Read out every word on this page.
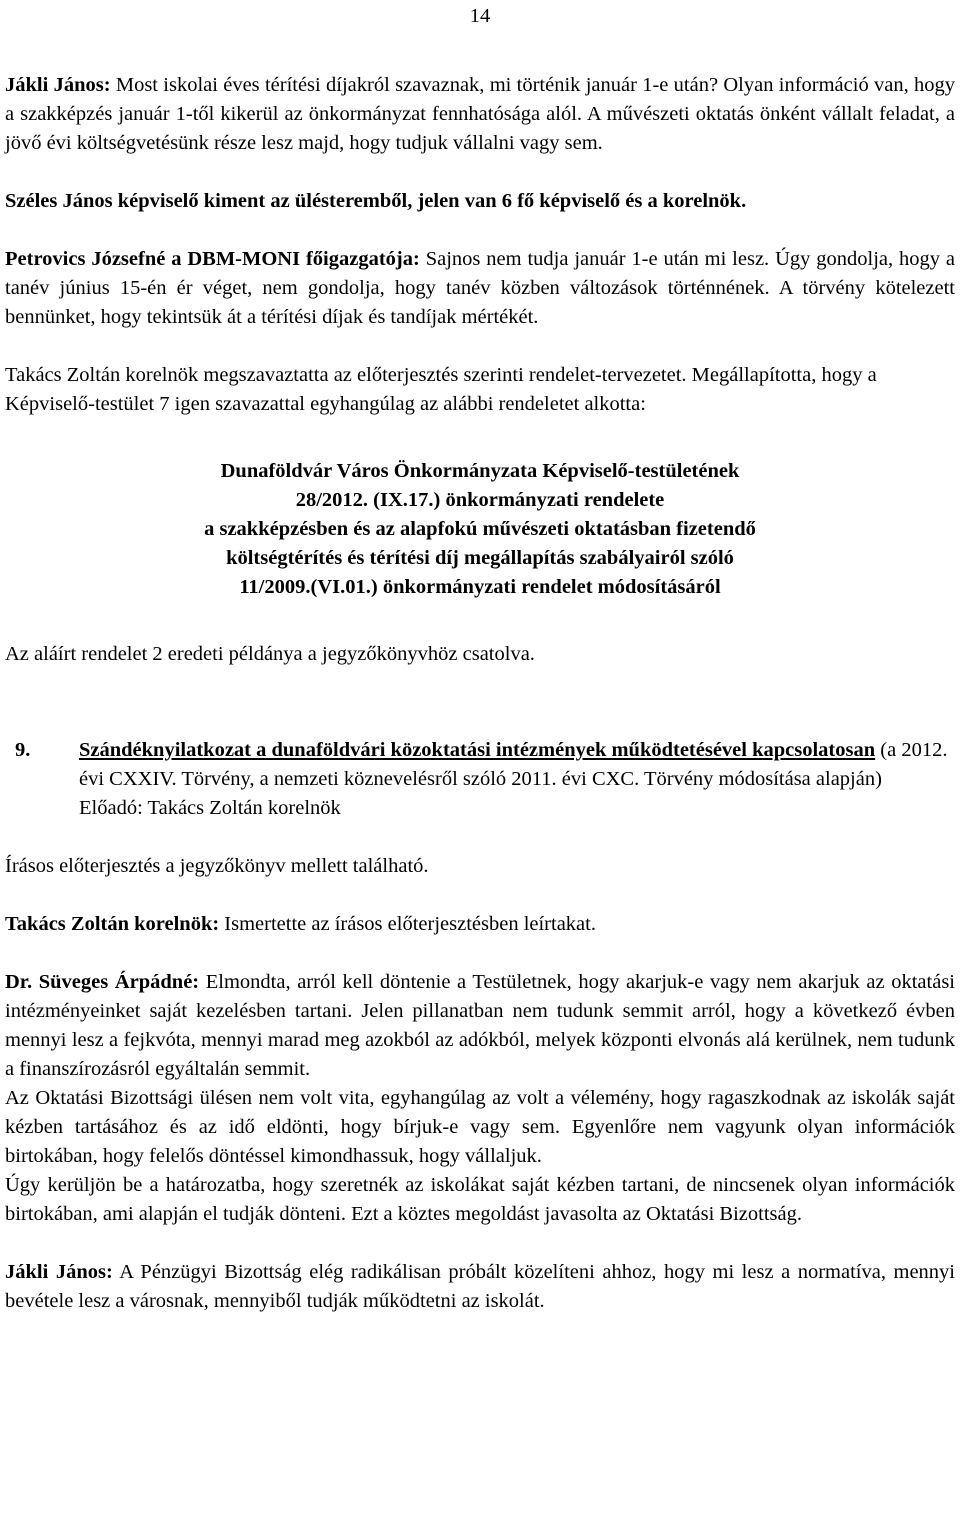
14

Jákli János: Most iskolai éves térítési díjakról szavaznak, mi történik január 1-e után? Olyan információ van, hogy a szakképzés január 1-től kikerül az önkormányzat fennhatósága alól. A művészeti oktatás önként vállalt feladat, a jövő évi költségvetésünk része lesz majd, hogy tudjuk vállalni vagy sem.

Széles János képviselő kiment az ülésteremből, jelen van 6 fő képviselő és a korelnök.

Petrovics Józsefné a DBM-MONI főigazgatója: Sajnos nem tudja január 1-e után mi lesz. Úgy gondolja, hogy a tanév június 15-én ér véget, nem gondolja, hogy tanév közben változások történnének. A törvény kötelezett bennünket, hogy tekintsük át a térítési díjak és tandíjak mértékét.

Takács Zoltán korelnök megszavaztatta az előterjesztés szerinti rendelet-tervezetet. Megállapította, hogy a Képviselő-testület 7 igen szavazattal egyhangúlag az alábbi rendeletet alkotta:

Dunaföldvár Város Önkormányzata Képviselő-testületének
28/2012. (IX.17.) önkormányzati rendelete
a szakképzésben és az alapfokú művészeti oktatásban fizetendő
költségtérítés és térítési díj megállapítás szabályairól szóló
11/2009.(VI.01.) önkormányzati rendelet módosításáról

Az aláírt rendelet 2 eredeti példánya a jegyzőkönyvhöz csatolva.

9.	Szándéknyilatkozat a dunaföldvári közoktatási intézmények működtetésével kapcsolatosan (a 2012. évi CXXIV. Törvény, a nemzeti köznevelésről szóló 2011. évi CXC. Törvény módosítása alapján)
Előadó: Takács Zoltán korelnök

Írásos előterjesztés a jegyzőkönyv mellett található.

Takács Zoltán korelnök: Ismertette az írásos előterjesztésben leírtakat.

Dr. Süveges Árpádné: Elmondta, arról kell döntenie a Testületnek, hogy akarjuk-e vagy nem akarjuk az oktatási intézményeinket saját kezelésben tartani. Jelen pillanatban nem tudunk semmit arról, hogy a következő évben mennyi lesz a fejkvóta, mennyi marad meg azokból az adókból, melyek központi elvonás alá kerülnek, nem tudunk a finanszírozásról egyáltalán semmit.

Az Oktatási Bizottsági ülésen nem volt vita, egyhangúlag az volt a vélemény, hogy ragaszkodnak az iskolák saját kézben tartásához és az idő eldönti, hogy bírjuk-e vagy sem. Egyenlőre nem vagyunk olyan információk birtokában, hogy felelős döntéssel kimondhassuk, hogy vállaljuk.

Úgy kerüljön be a határozatba, hogy szeretnék az iskolákat saját kézben tartani, de nincsenek olyan információk birtokában, ami alapján el tudják dönteni. Ezt a köztes megoldást javasolta az Oktatási Bizottság.

Jákli János: A Pénzügyi Bizottság elég radikálisan próbált közelíteni ahhoz, hogy mi lesz a normatíva, mennyi bevétele lesz a városnak, mennyiből tudják működtetni az iskolát.
